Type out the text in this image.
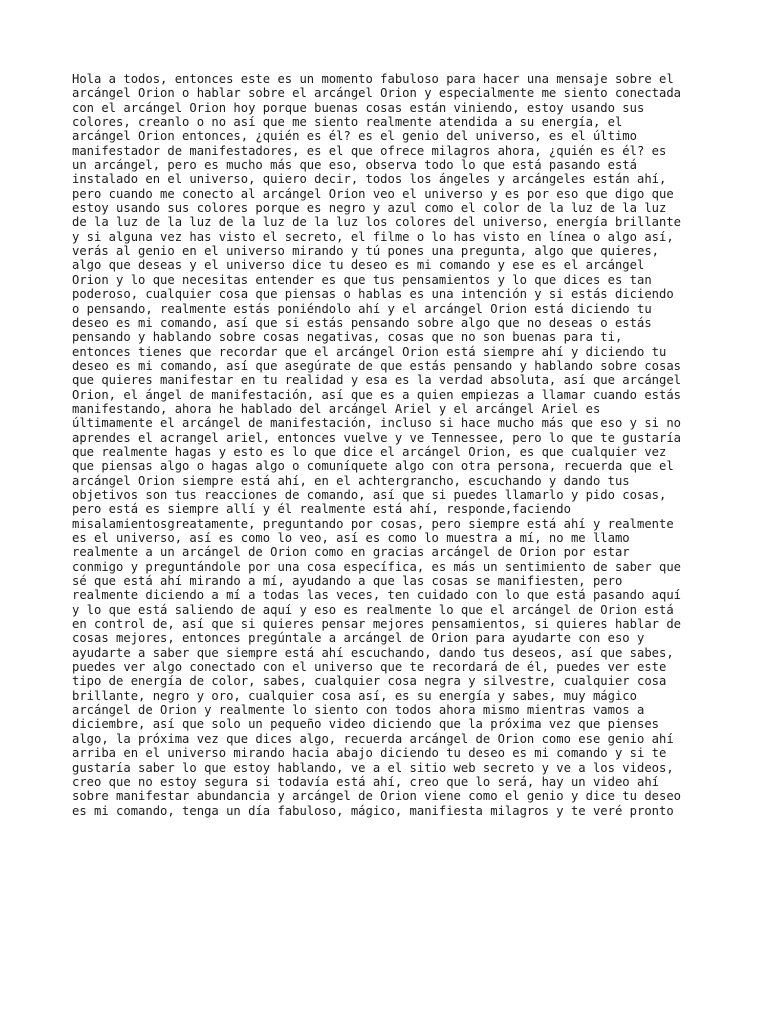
Hola a todos, entonces este es un momento fabuloso para hacer una mensaje sobre el
arcángel Orion o hablar sobre el arcángel Orion y especialmente me siento conectada
con el arcángel Orion hoy porque buenas cosas están viniendo, estoy usando sus
colores, creanlo o no así que me siento realmente atendida a su energía, el
arcángel Orion entonces, ¿quién es él? es el genio del universo, es el último
manifestador de manifestadores, es el que ofrece milagros ahora, ¿quién es él? es
un arcángel, pero es mucho más que eso, observa todo lo que está pasando está
instalado en el universo, quiero decir, todos los ángeles y arcángeles están ahí,
pero cuando me conecto al arcángel Orion veo el universo y es por eso que digo que
estoy usando sus colores porque es negro y azul como el color de la luz de la luz
de la luz de la luz de la luz de la luz los colores del universo, energía brillante
y si alguna vez has visto el secreto, el filme o lo has visto en línea o algo así,
verás al genio en el universo mirando y tú pones una pregunta, algo que quieres,
algo que deseas y el universo dice tu deseo es mi comando y ese es el arcángel
Orion y lo que necesitas entender es que tus pensamientos y lo que dices es tan
poderoso, cualquier cosa que piensas o hablas es una intención y si estás diciendo
o pensando, realmente estás poniéndolo ahí y el arcángel Orion está diciendo tu
deseo es mi comando, así que si estás pensando sobre algo que no deseas o estás
pensando y hablando sobre cosas negativas, cosas que no son buenas para ti,
entonces tienes que recordar que el arcángel Orion está siempre ahí y diciendo tu
deseo es mi comando, así que asegúrate de que estás pensando y hablando sobre cosas
que quieres manifestar en tu realidad y esa es la verdad absoluta, así que arcángel
Orion, el ángel de manifestación, así que es a quien empiezas a llamar cuando estás
manifestando, ahora he hablado del arcángel Ariel y el arcángel Ariel es
últimamente el arcángel de manifestación, incluso si hace mucho más que eso y si no
aprendes el acrangel ariel, entonces vuelve y ve Tennessee, pero lo que te gustaría
que realmente hagas y esto es lo que dice el arcángel Orion, es que cualquier vez
que piensas algo o hagas algo o comuníquete algo con otra persona, recuerda que el
arcángel Orion siempre está ahí, en el achtergrancho, escuchando y dando tus
objetivos son tus reacciones de comando, así que si puedes llamarlo y pido cosas,
pero está es siempre allí y él realmente está ahí, responde,faciendo
misalamientosgreatamente, preguntando por cosas, pero siempre está ahí y realmente
es el universo, así es como lo veo, así es como lo muestra a mí, no me llamo
realmente a un arcángel de Orion como en gracias arcángel de Orion por estar
conmigo y preguntándole por una cosa específica, es más un sentimiento de saber que
sé que está ahí mirando a mí, ayudando a que las cosas se manifiesten, pero
realmente diciendo a mí a todas las veces, ten cuidado con lo que está pasando aquí
y lo que está saliendo de aquí y eso es realmente lo que el arcángel de Orion está
en control de, así que si quieres pensar mejores pensamientos, si quieres hablar de
cosas mejores, entonces pregúntale a arcángel de Orion para ayudarte con eso y
ayudarte a saber que siempre está ahí escuchando, dando tus deseos, así que sabes,
puedes ver algo conectado con el universo que te recordará de él, puedes ver este
tipo de energía de color, sabes, cualquier cosa negra y silvestre, cualquier cosa
brillante, negro y oro, cualquier cosa así, es su energía y sabes, muy mágico
arcángel de Orion y realmente lo siento con todos ahora mismo mientras vamos a
diciembre, así que solo un pequeño video diciendo que la próxima vez que pienses
algo, la próxima vez que dices algo, recuerda arcángel de Orion como ese genio ahí
arriba en el universo mirando hacia abajo diciendo tu deseo es mi comando y si te
gustaría saber lo que estoy hablando, ve a el sitio web secreto y ve a los videos,
creo que no estoy segura si todavía está ahí, creo que lo será, hay un video ahí
sobre manifestar abundancia y arcángel de Orion viene como el genio y dice tu deseo
es mi comando, tenga un día fabuloso, mágico, manifiesta milagros y te veré pronto
